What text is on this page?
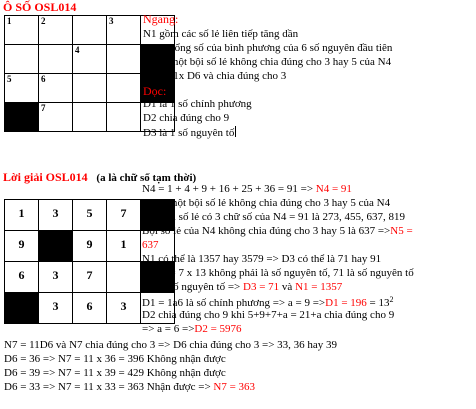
Ô SỐ OSL014
1	2		3	

		4		

5	6			

	7			

Ngang:
N1 gồm các số lẻ liên tiếp tăng dần
N4 = Tổng số của bình phương của 6 số nguyên đầu tiên
N5 là một bội số lẻ không chia đúng cho 3 hay 5 của N4
N7 = 11x D6 và chia đúng cho 3
Dọc:
D1 là 1 số chính phương
D2 chia đúng cho 9
D3 là 1 số nguyên tố
Lời giải OSL014 (a là chữ số tạm thời)
1	3	5	7	

9		9	1	

6	3	7		

	3	6	3	

N4 = 1 + 4 + 9 + 16 + 25 + 36 = 91 => N4 = 91
N5 là một bội số lẻ không chia đúng cho 3 hay 5 của N4
Các bội số lẻ có 3 chữ số của N4 = 91 là 273, 455, 637, 819
Bội số lẻ của N4 không chia đúng cho 3 hay 5 là 637 =>N5 =
637
N1 có thể là 1357 hay 3579 => D3 có thể là 71 hay 91
Vì 91 = 7 x 13 không phải là số nguyên tố, 71 là số nguyên tố
D3 là số nguyên tố => D3 = 71 và N1 = 1357
D1 = 1a6 là số chính phương => $a = 9 =>D1 = 196 = 13^2$
D2 chia đúng cho 9 khi 5+9+7+a = 21+a chia đúng cho 9
=> a = 6 =>D2 = 5976
N7 = 11D6 và N7 chia đúng cho 3 => D6 chia đúng cho 3 => 33, 36 hay 39
D6 = 36 => N7 = 11 x 36 = 396 Không nhận được
D6 = 39 => N7 = 11 x 39 = 429 Không nhận được
D6 = 33 => N7 = 11 x 33 = 363 Nhận được => N7 = 363
